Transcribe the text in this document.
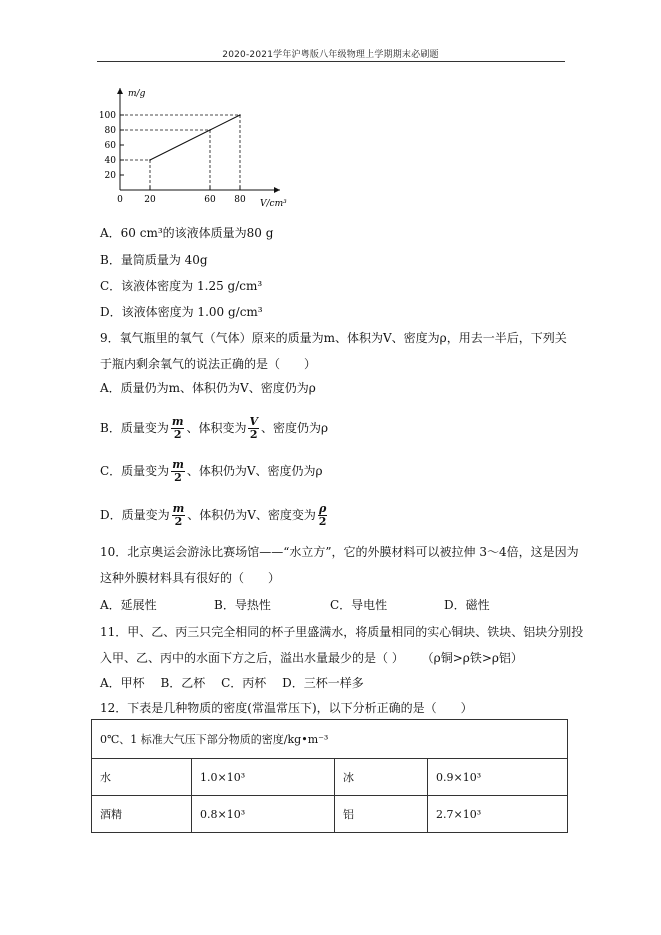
2020-2021学年沪粤版八年级物理上学期期末必刷题
m/g
V/cm³
20
40
60
80
100
0 20	60 80
A．60 cm³的该液体质量为80 g
B．量筒质量为 40g
C．该液体密度为 1.25 g/cm³
D．该液体密度为 1.00 g/cm³
9．氧气瓶里的氧气（气体）原来的质量为m、体积为V、密度为ρ，用去一半后，下列关
于瓶内剩余氧气的说法正确的是（　　）
A．质量仍为m、体积仍为V、密度仍为ρ
B．质量变为 $\frac{m}{2}$ 、体积变为 $\frac{V}{2}$ 、密度仍为ρ
C．质量变为 $\frac{m}{2}$ 、体积仍为V、密度仍为ρ
D．质量变为 $\frac{m}{2}$ 、体积仍为V、密度变为 $\frac{\rho}{2}$
10．北京奥运会游泳比赛场馆——“水立方”，它的外膜材料可以被拉伸 3～4倍，这是因为
这种外膜材料具有很好的（　　）
A．延展性	B．导热性	C．导电性	D．磁性
11．甲、乙、丙三只完全相同的杯子里盛满水，将质量相同的实心铜块、铁块、铝块分别投
入甲、乙、丙中的水面下方之后，溢出水量最少的是（ ） （ρ铜>ρ铁>ρ铝）
A．甲杯　 B．乙杯　 C．丙杯　 D．三杯一样多
12．下表是几种物质的密度(常温常压下)，以下分析正确的是（　　）
0℃、1 标准大气压下部分物质的密度/kg•m⁻³			
水	1.0×10³	冰	0.9×10³
酒精	0.8×10³	铝	2.7×10³
